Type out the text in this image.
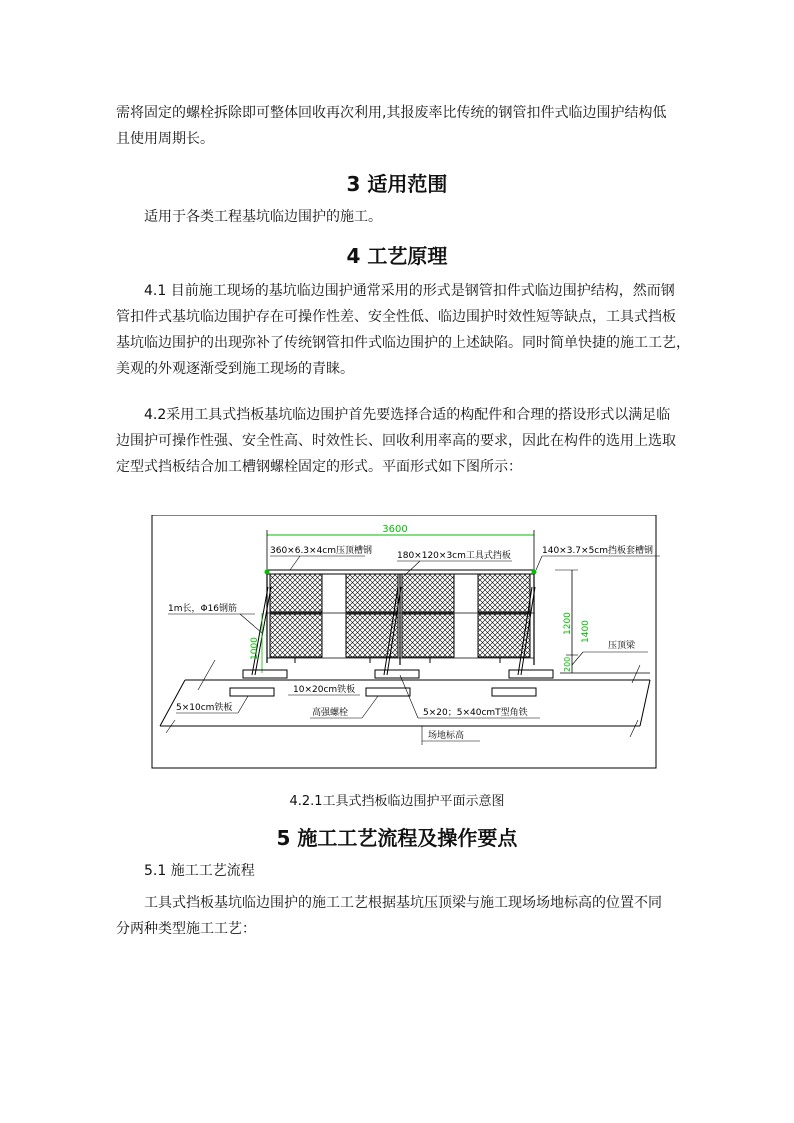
需将固定的螺栓拆除即可整体回收再次利用,其报废率比传统的钢管扣件式临边围护结构低
且使用周期长。
3 适用范围
适用于各类工程基坑临边围护的施工。
4 工艺原理
4.1 目前施工现场的基坑临边围护通常采用的形式是钢管扣件式临边围护结构，然而钢
管扣件式基坑临边围护存在可操作性差、安全性低、临边围护时效性短等缺点，工具式挡板
基坑临边围护的出现弥补了传统钢管扣件式临边围护的上述缺陷。同时简单快捷的施工工艺，
美观的外观逐渐受到施工现场的青睐。
4.2采用工具式挡板基坑临边围护首先要选择合适的构配件和合理的搭设形式以满足临
边围护可操作性强、安全性高、时效性长、回收利用率高的要求，因此在构件的选用上选取
定型式挡板结合加工槽钢螺栓固定的形式。平面形式如下图所示：
3600
360×6.3×4cm压顶槽钢	180×120×3cm工具式挡板	140×3.7×5cm挡板套槽钢
1m长，Φ16钢筋
1000
1400
1200
200
压顶梁
10×20cm铁板
5×10cm铁板	高强螺栓	5×20；5×40cmT型角铁
场地标高
4.2.1工具式挡板临边围护平面示意图
5 施工工艺流程及操作要点
5.1 施工工艺流程
工具式挡板基坑临边围护的施工工艺根据基坑压顶梁与施工现场场地标高的位置不同
分两种类型施工工艺：
